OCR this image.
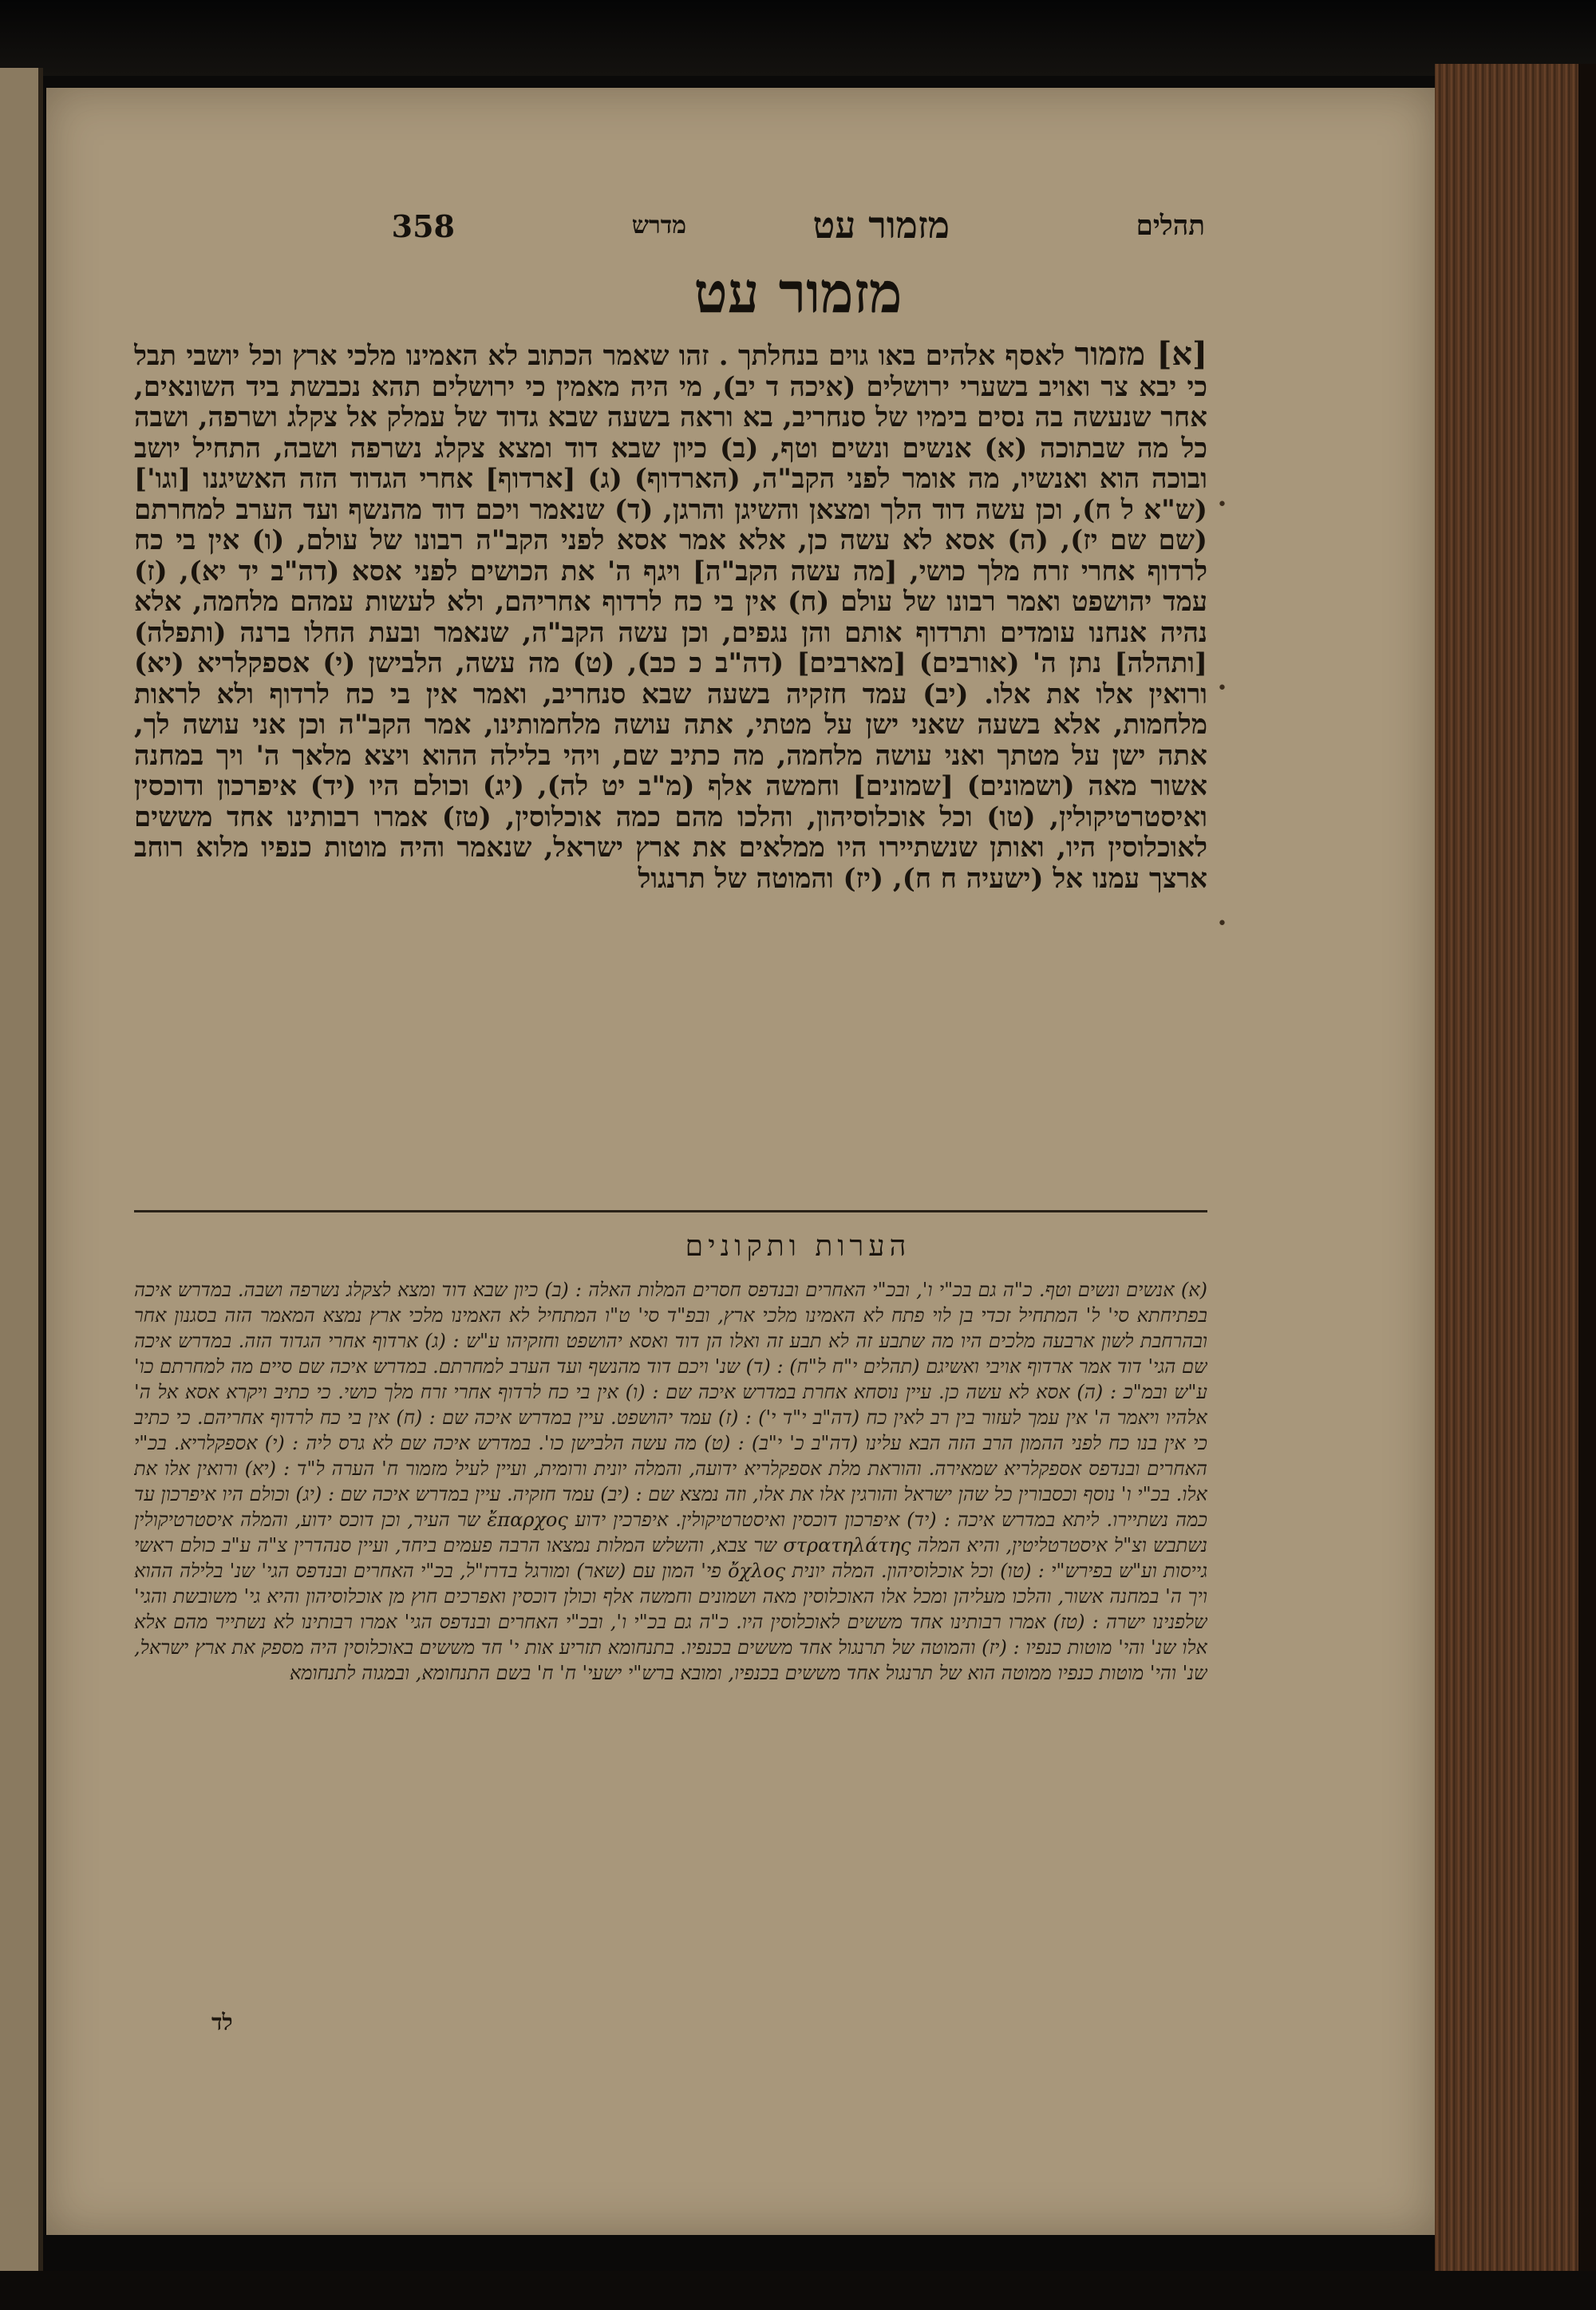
תהלים
מזמור עט
מדרש
358
מזמור עט
[א] מזמור לאסף אלהים באו גוים בנחלתך . זהו שאמר הכתוב לא האמינו מלכי ארץ וכל יושבי תבל כי יבא צר ואויב בשערי ירושלים (איכה ד יב), מי היה מאמין כי ירושלים תהא נכבשת ביד השונאים, אחר שנעשה בה נסים בימיו של סנחריב, בא וראה בשעה שבא גדוד של עמלק אל צקלג ושרפה, ושבה כל מה שבתוכה (א) אנשים ונשים וטף, (ב) כיון שבא דוד ומצא צקלג נשרפה ושבה, התחיל יושב ובוכה הוא ואנשיו, מה אומר לפני הקב"ה, (הארדוף) (ג) [ארדוף] אחרי הגדוד הזה האשיגנו [וגו'] (ש"א ל ח), וכן עשה דוד הלך ומצאן והשיגן והרגן, (ד) שנאמר ויכם דוד מהנשף ועד הערב למחרתם (שם שם יז), (ה) אסא לא עשה כן, אלא אמר אסא לפני הקב"ה רבונו של עולם, (ו) אין בי כח לרדוף אחרי זרח מלך כושי, [מה עשה הקב"ה] ויגף ה' את הכושים לפני אסא (דה"ב יד יא), (ז) עמד יהושפט ואמר רבונו של עולם (ח) אין בי כח לרדוף אחריהם, ולא לעשות עמהם מלחמה, אלא נהיה אנחנו עומדים ותרדוף אותם והן נגפים, וכן עשה הקב"ה, שנאמר ובעת החלו ברנה (ותפלה) [ותהלה] נתן ה' (אורבים) [מארבים] (דה"ב כ כב), (ט) מה עשה, הלבישן (י) אספקלריא (יא) ורואין אלו את אלו. (יב) עמד חזקיה בשעה שבא סנחריב, ואמר אין בי כח לרדוף ולא לראות מלחמות, אלא בשעה שאני ישן על מטתי, אתה עושה מלחמותינו, אמר הקב"ה וכן אני עושה לך, אתה ישן על מטתך ואני עושה מלחמה, מה כתיב שם, ויהי בלילה ההוא ויצא מלאך ה' ויך במחנה אשור מאה (ושמונים) [שמונים] וחמשה אלף (מ"ב יט לה), (יג) וכולם היו (יד) איפרכון ודוכסין ואיסטרטיקולין, (טו) וכל אוכלוסיהון, והלכו מהם כמה אוכלוסין, (טז) אמרו רבותינו אחד מששים לאוכלוסין היו, ואותן שנשתיירו היו ממלאים את ארץ ישראל, שנאמר והיה מוטות כנפיו מלוא רוחב ארצך עמנו אל (ישעיה ח ח), (יז) והמוטה של תרנגול
•
•
•
הערות ותקונים
(א) אנשים ונשים וטף. כ"ה גם בכ"י ו', ובכ"י האחרים ובנדפס חסרים המלות האלה : (ב) כיון שבא דוד ומצא לצקלג נשרפה ושבה. במדרש איכה בפתיחתא סי' ל' המתחיל זכדי בן לוי פתח לא האמינו מלכי ארץ, ובפ"ד סי' ט"ו המתחיל לא האמינו מלכי ארץ נמצא המאמר הזה בסגנון אחר ובהרחבת לשון ארבעה מלכים היו מה שתבע זה לא תבע זה ואלו הן דוד ואסא יהושפט וחזקיהו ע"ש : (ג) ארדוף אחרי הגדוד הזה. במדרש איכה שם הגי' דוד אמר ארדוף אויבי ואשיגם (תהלים י"ח ל"ח) : (ד) שנ' ויכם דוד מהנשף ועד הערב למחרתם. במדרש איכה שם סיים מה למחרתם כו' ע"ש ובמ"כ : (ה) אסא לא עשה כן. עיין נוסחא אחרת במדרש איכה שם : (ו) אין בי כח לרדוף אחרי זרח מלך כושי. כי כתיב ויקרא אסא אל ה' אלהיו ויאמר ה' אין עמך לעזור בין רב לאין כח (דה"ב י"ד י') : (ז) עמד יהושפט. עיין במדרש איכה שם : (ח) אין בי כח לרדוף אחריהם. כי כתיב כי אין בנו כח לפני ההמון הרב הזה הבא עלינו (דה"ב כ' י"ב) : (ט) מה עשה הלבישן כו'. במדרש איכה שם לא גרס ליה : (י) אספקלריא. בכ"י האחרים ובנדפס אספקלריא שמאירה. והוראת מלת אספקלריא ידועה, והמלה יונית ורומית, ועיין לעיל מזמור ח' הערה ל"ד : (יא) ורואין אלו את אלו. בכ"י ו' נוסף וכסבורין כל שהן ישראל והורגין אלו את אלו, וזה נמצא שם : (יב) עמד חזקיה. עיין במדרש איכה שם : (יג) וכולם היו איפרכון עד כמה נשתיירו. ליתא במדרש איכה : (יד) איפרכון דוכסין ואיסטרטיקולין. איפרכין ידוע ἔπαρχος שר העיר, וכן דוכס ידוע, והמלה איסטרטיקולין נשתבש וצ"ל איסטרטליטין, והיא המלה στρατηλάτης שר צבא, והשלש המלות נמצאו הרבה פעמים ביחד, ועיין סנהדרין צ"ה ע"ב כולם ראשי גייסות וע"ש בפירש"י : (טו) וכל אוכלוסיהון. המלה יונית ὄχλος פי' המון עם (שאר) ומורגל בדרז"ל, בכ"י האחרים ובנדפס הגי' שנ' בלילה ההוא ויך ה' במחנה אשור, והלכו מעליהן ומכל אלו האוכלוסין מאה ושמונים וחמשה אלף וכולן דוכסין ואפרכים חוץ מן אוכלוסיהון והיא גי' משובשת והגי' שלפנינו ישרה : (טז) אמרו רבותינו אחד מששים לאוכלוסין היו. כ"ה גם בכ"י ו', ובכ"י האחרים ובנדפס הגי' אמרו רבותינו לא נשתייר מהם אלא אלו שנ' והי' מוטות כנפיו : (יז) והמוטה של תרנגול אחד מששים בכנפיו. בתנחומא תזריע אות י' חד מששים באוכלוסין היה מספק את ארץ ישראל, שנ' והי' מוטות כנפיו ממוטה הוא של תרנגול אחד מששים בכנפיו, ומובא ברש"י ישעי' ח' ח' בשם התנחומא, ובמגוה לתנחומא
לד
